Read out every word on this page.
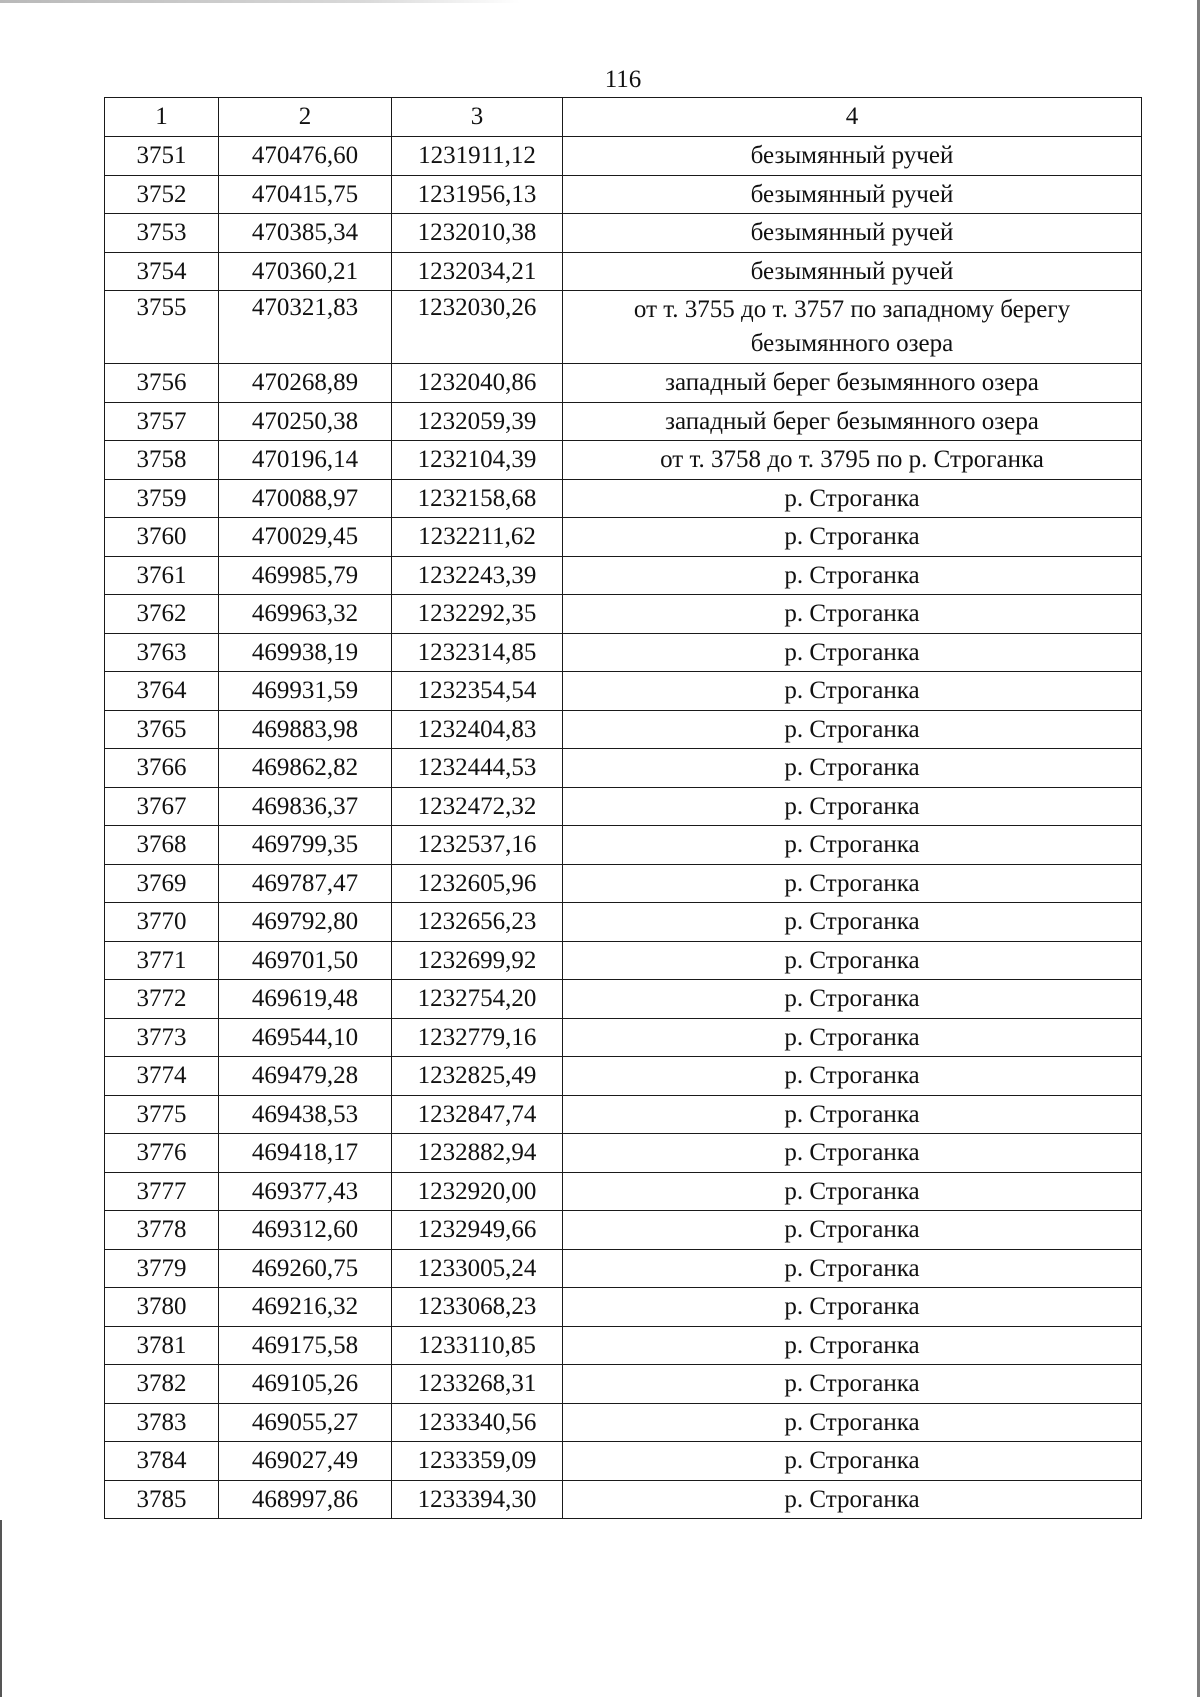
116
1	2	3	4
3751	470476,60	1231911,12	безымянный ручей
3752	470415,75	1231956,13	безымянный ручей
3753	470385,34	1232010,38	безымянный ручей
3754	470360,21	1232034,21	безымянный ручей
3755	470321,83	1232030,26	от т. 3755 до т. 3757 по западному берегу безымянного озера
3756	470268,89	1232040,86	западный берег безымянного озера
3757	470250,38	1232059,39	западный берег безымянного озера
3758	470196,14	1232104,39	от т. 3758 до т. 3795 по р. Строганка
3759	470088,97	1232158,68	р. Строганка
3760	470029,45	1232211,62	р. Строганка
3761	469985,79	1232243,39	р. Строганка
3762	469963,32	1232292,35	р. Строганка
3763	469938,19	1232314,85	р. Строганка
3764	469931,59	1232354,54	р. Строганка
3765	469883,98	1232404,83	р. Строганка
3766	469862,82	1232444,53	р. Строганка
3767	469836,37	1232472,32	р. Строганка
3768	469799,35	1232537,16	р. Строганка
3769	469787,47	1232605,96	р. Строганка
3770	469792,80	1232656,23	р. Строганка
3771	469701,50	1232699,92	р. Строганка
3772	469619,48	1232754,20	р. Строганка
3773	469544,10	1232779,16	р. Строганка
3774	469479,28	1232825,49	р. Строганка
3775	469438,53	1232847,74	р. Строганка
3776	469418,17	1232882,94	р. Строганка
3777	469377,43	1232920,00	р. Строганка
3778	469312,60	1232949,66	р. Строганка
3779	469260,75	1233005,24	р. Строганка
3780	469216,32	1233068,23	р. Строганка
3781	469175,58	1233110,85	р. Строганка
3782	469105,26	1233268,31	р. Строганка
3783	469055,27	1233340,56	р. Строганка
3784	469027,49	1233359,09	р. Строганка
3785	468997,86	1233394,30	р. Строганка
